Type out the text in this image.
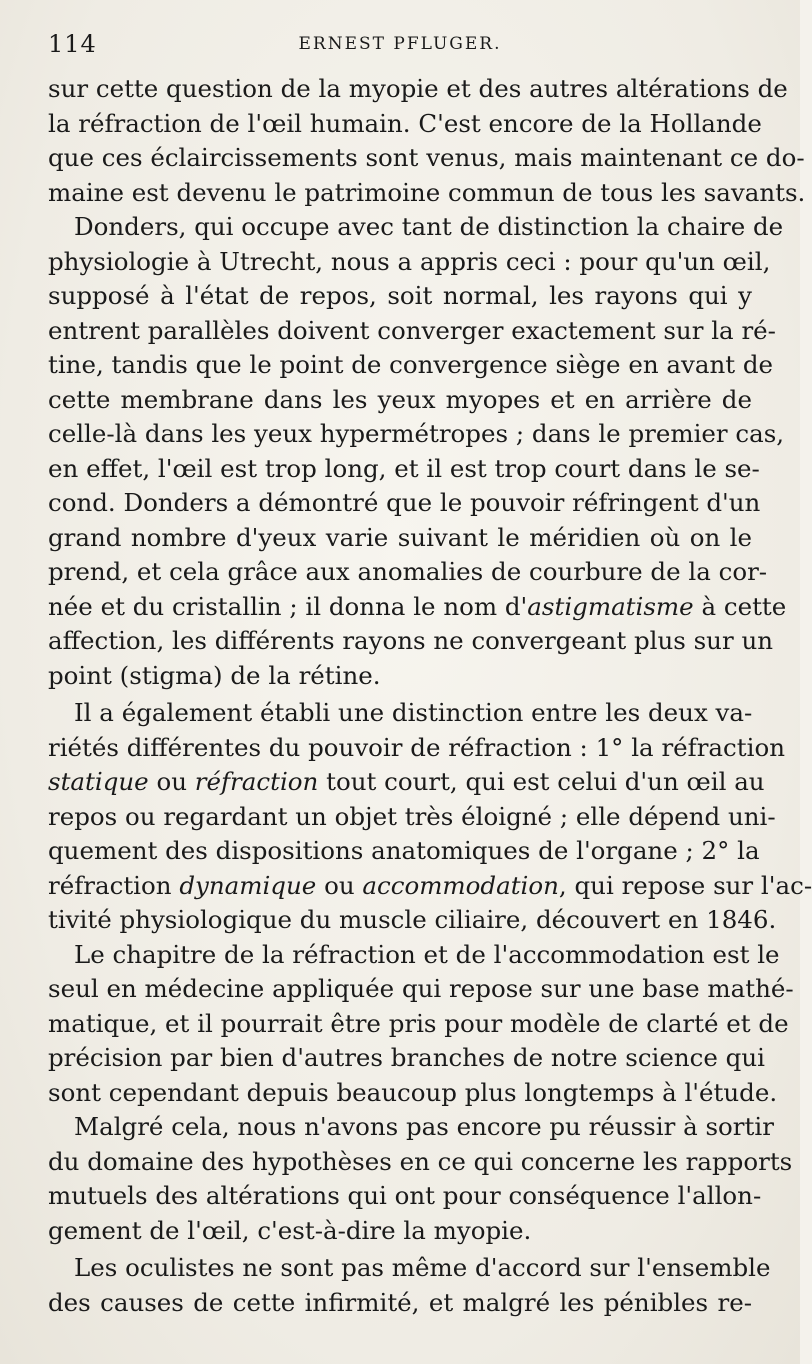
114	ERNEST PFLUGER.
sur cette question de la myopie et des autres altérations de
la réfraction de l'œil humain. C'est encore de la Hollande
que ces éclaircissements sont venus, mais maintenant ce do-
maine est devenu le patrimoine commun de tous les savants.
Donders, qui occupe avec tant de distinction la chaire de
physiologie à Utrecht, nous a appris ceci : pour qu'un œil,
supposé à l'état de repos, soit normal, les rayons qui y
entrent parallèles doivent converger exactement sur la ré-
tine, tandis que le point de convergence siège en avant de
cette membrane dans les yeux myopes et en arrière de
celle-là dans les yeux hypermétropes ; dans le premier cas,
en effet, l'œil est trop long, et il est trop court dans le se-
cond. Donders a démontré que le pouvoir réfringent d'un
grand nombre d'yeux varie suivant le méridien où on le
prend, et cela grâce aux anomalies de courbure de la cor-
née et du cristallin ; il donna le nom d'astigmatisme à cette
affection, les différents rayons ne convergeant plus sur un
point (stigma) de la rétine.
Il a également établi une distinction entre les deux va-
riétés différentes du pouvoir de réfraction : 1° la réfraction
statique ou réfraction tout court, qui est celui d'un œil au
repos ou regardant un objet très éloigné ; elle dépend uni-
quement des dispositions anatomiques de l'organe ; 2° la
réfraction dynamique ou accommodation, qui repose sur l'ac-
tivité physiologique du muscle ciliaire, découvert en 1846.
Le chapitre de la réfraction et de l'accommodation est le
seul en médecine appliquée qui repose sur une base mathé-
matique, et il pourrait être pris pour modèle de clarté et de
précision par bien d'autres branches de notre science qui
sont cependant depuis beaucoup plus longtemps à l'étude.
Malgré cela, nous n'avons pas encore pu réussir à sortir
du domaine des hypothèses en ce qui concerne les rapports
mutuels des altérations qui ont pour conséquence l'allon-
gement de l'œil, c'est-à-dire la myopie.
Les oculistes ne sont pas même d'accord sur l'ensemble
des causes de cette infirmité, et malgré les pénibles re-
